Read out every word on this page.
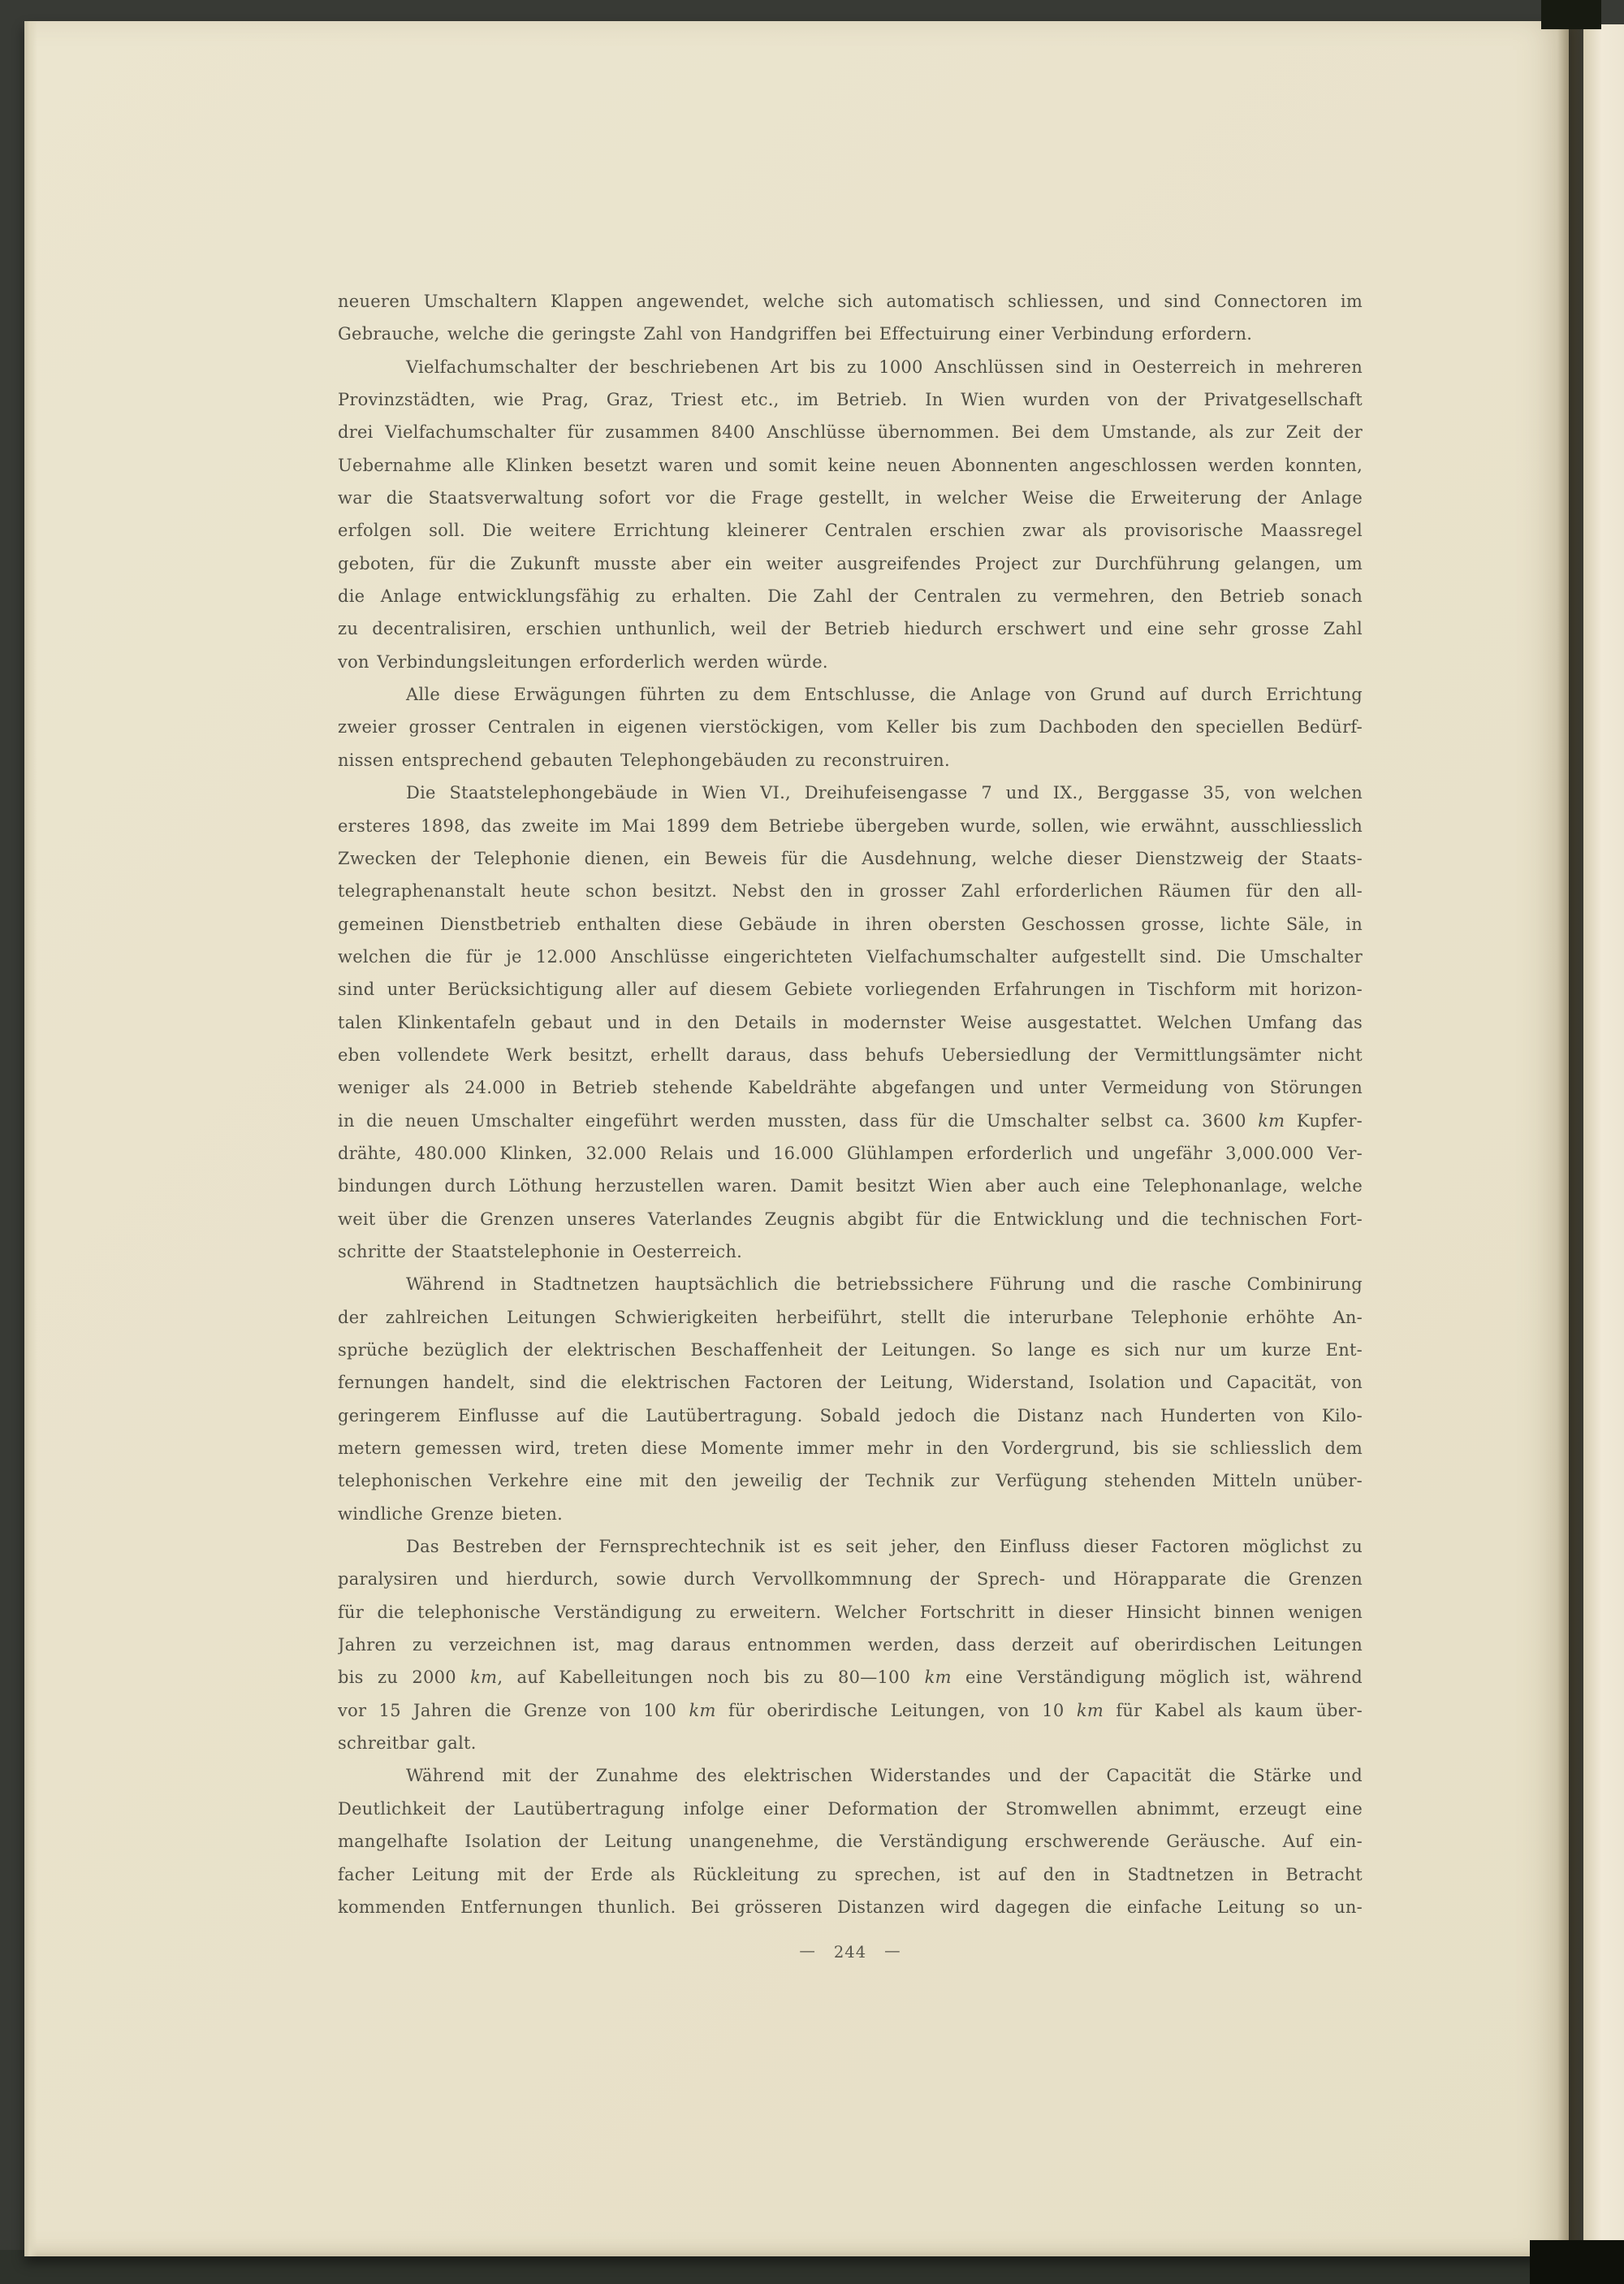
neueren Umschaltern Klappen angewendet, welche sich automatisch schliessen, und sind Connectoren im
Gebrauche, welche die geringste Zahl von Handgriffen bei Effectuirung einer Verbindung erfordern.
Vielfachumschalter der beschriebenen Art bis zu 1000 Anschlüssen sind in Oesterreich in mehreren
Provinzstädten, wie Prag, Graz, Triest etc., im Betrieb. In Wien wurden von der Privatgesellschaft
drei Vielfachumschalter für zusammen 8400 Anschlüsse übernommen. Bei dem Umstande, als zur Zeit der
Uebernahme alle Klinken besetzt waren und somit keine neuen Abonnenten angeschlossen werden konnten,
war die Staatsverwaltung sofort vor die Frage gestellt, in welcher Weise die Erweiterung der Anlage
erfolgen soll. Die weitere Errichtung kleinerer Centralen erschien zwar als provisorische Maassregel
geboten, für die Zukunft musste aber ein weiter ausgreifendes Project zur Durchführung gelangen, um
die Anlage entwicklungsfähig zu erhalten. Die Zahl der Centralen zu vermehren, den Betrieb sonach
zu decentralisiren, erschien unthunlich, weil der Betrieb hiedurch erschwert und eine sehr grosse Zahl
von Verbindungsleitungen erforderlich werden würde.
Alle diese Erwägungen führten zu dem Entschlusse, die Anlage von Grund auf durch Errichtung
zweier grosser Centralen in eigenen vierstöckigen, vom Keller bis zum Dachboden den speciellen Bedürf-
nissen entsprechend gebauten Telephongebäuden zu reconstruiren.
Die Staatstelephongebäude in Wien VI., Dreihufeisengasse 7 und IX., Berggasse 35, von welchen
ersteres 1898, das zweite im Mai 1899 dem Betriebe übergeben wurde, sollen, wie erwähnt, ausschliesslich
Zwecken der Telephonie dienen, ein Beweis für die Ausdehnung, welche dieser Dienstzweig der Staats-
telegraphenanstalt heute schon besitzt. Nebst den in grosser Zahl erforderlichen Räumen für den all-
gemeinen Dienstbetrieb enthalten diese Gebäude in ihren obersten Geschossen grosse, lichte Säle, in
welchen die für je 12.000 Anschlüsse eingerichteten Vielfachumschalter aufgestellt sind. Die Umschalter
sind unter Berücksichtigung aller auf diesem Gebiete vorliegenden Erfahrungen in Tischform mit horizon-
talen Klinkentafeln gebaut und in den Details in modernster Weise ausgestattet. Welchen Umfang das
eben vollendete Werk besitzt, erhellt daraus, dass behufs Uebersiedlung der Vermittlungsämter nicht
weniger als 24.000 in Betrieb stehende Kabeldrähte abgefangen und unter Vermeidung von Störungen
in die neuen Umschalter eingeführt werden mussten, dass für die Umschalter selbst ca. 3600 km Kupfer-
drähte, 480.000 Klinken, 32.000 Relais und 16.000 Glühlampen erforderlich und ungefähr 3,000.000 Ver-
bindungen durch Löthung herzustellen waren. Damit besitzt Wien aber auch eine Telephonanlage, welche
weit über die Grenzen unseres Vaterlandes Zeugnis abgibt für die Entwicklung und die technischen Fort-
schritte der Staatstelephonie in Oesterreich.
Während in Stadtnetzen hauptsächlich die betriebssichere Führung und die rasche Combinirung
der zahlreichen Leitungen Schwierigkeiten herbeiführt, stellt die interurbane Telephonie erhöhte An-
sprüche bezüglich der elektrischen Beschaffenheit der Leitungen. So lange es sich nur um kurze Ent-
fernungen handelt, sind die elektrischen Factoren der Leitung, Widerstand, Isolation und Capacität, von
geringerem Einflusse auf die Lautübertragung. Sobald jedoch die Distanz nach Hunderten von Kilo-
metern gemessen wird, treten diese Momente immer mehr in den Vordergrund, bis sie schliesslich dem
telephonischen Verkehre eine mit den jeweilig der Technik zur Verfügung stehenden Mitteln unüber-
windliche Grenze bieten.
Das Bestreben der Fernsprechtechnik ist es seit jeher, den Einfluss dieser Factoren möglichst zu
paralysiren und hierdurch, sowie durch Vervollkommnung der Sprech- und Hörapparate die Grenzen
für die telephonische Verständigung zu erweitern. Welcher Fortschritt in dieser Hinsicht binnen wenigen
Jahren zu verzeichnen ist, mag daraus entnommen werden, dass derzeit auf oberirdischen Leitungen
bis zu 2000 km, auf Kabelleitungen noch bis zu 80—100 km eine Verständigung möglich ist, während
vor 15 Jahren die Grenze von 100 km für oberirdische Leitungen, von 10 km für Kabel als kaum über-
schreitbar galt.
Während mit der Zunahme des elektrischen Widerstandes und der Capacität die Stärke und
Deutlichkeit der Lautübertragung infolge einer Deformation der Stromwellen abnimmt, erzeugt eine
mangelhafte Isolation der Leitung unangenehme, die Verständigung erschwerende Geräusche. Auf ein-
facher Leitung mit der Erde als Rückleitung zu sprechen, ist auf den in Stadtnetzen in Betracht
kommenden Entfernungen thunlich. Bei grösseren Distanzen wird dagegen die einfache Leitung so un-
— 244 —
